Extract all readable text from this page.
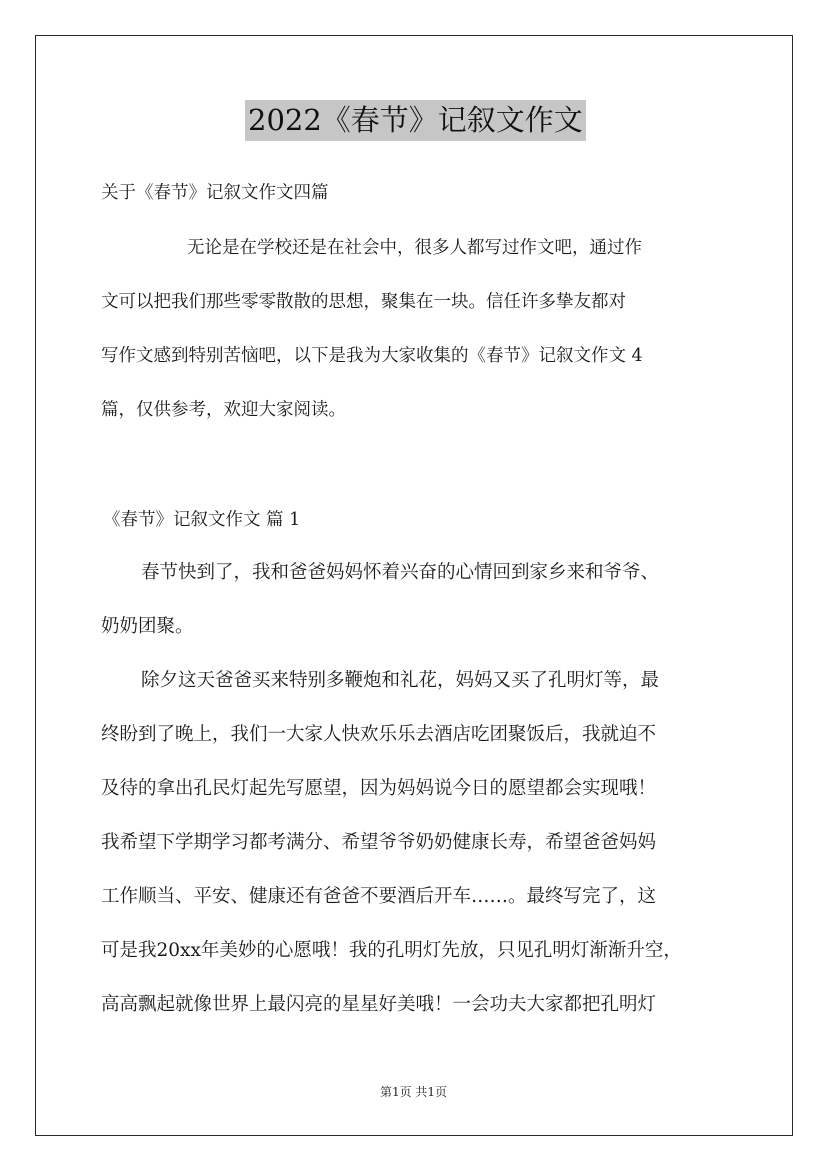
2022《春节》记叙文作文
关于《春节》记叙文作文四篇
无论是在学校还是在社会中，很多人都写过作文吧，通过作
文可以把我们那些零零散散的思想，聚集在一块。信任许多挚友都对
写作文感到特别苦恼吧，以下是我为大家收集的《春节》记叙文作文 4
篇，仅供参考，欢迎大家阅读。
《春节》记叙文作文 篇 1
春节快到了，我和爸爸妈妈怀着兴奋的心情回到家乡来和爷爷、
奶奶团聚。
除夕这天爸爸买来特别多鞭炮和礼花，妈妈又买了孔明灯等，最
终盼到了晚上，我们一大家人快欢乐乐去酒店吃团聚饭后，我就迫不
及待的拿出孔民灯起先写愿望，因为妈妈说今日的愿望都会实现哦！
我希望下学期学习都考满分、希望爷爷奶奶健康长寿，希望爸爸妈妈
工作顺当、平安、健康还有爸爸不要酒后开车……。最终写完了，这
可是我20xx年美妙的心愿哦！我的孔明灯先放，只见孔明灯渐渐升空，
高高飘起就像世界上最闪亮的星星好美哦！一会功夫大家都把孔明灯
第1页 共1页
